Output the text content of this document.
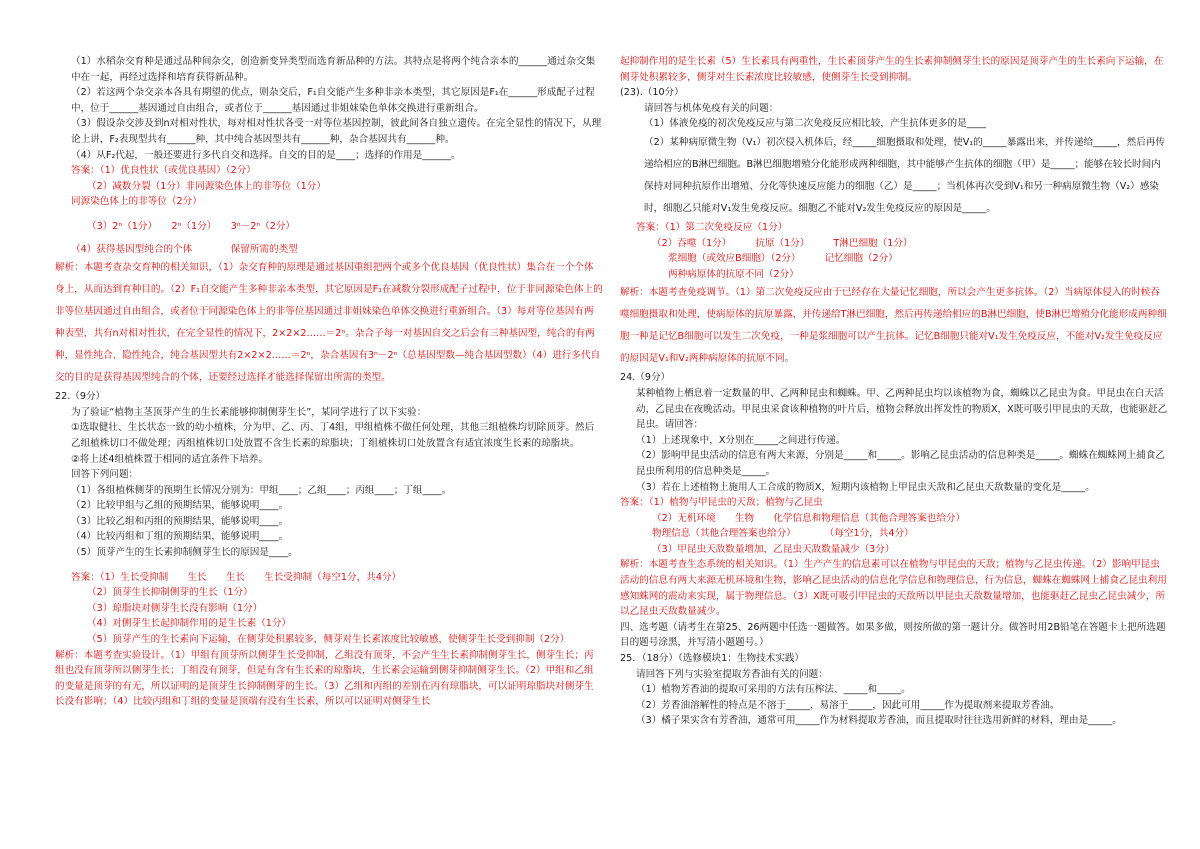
（1）水稻杂交育种是通过品种间杂交，创造新变异类型而选育新品种的方法。其特点是将两个纯合亲本的______通过杂交集中在一起，再经过选择和培育获得新品种。

（2）若这两个杂交亲本各具有期望的优点，则杂交后，F₁自交能产生多种非亲本类型，其它原因是F₁在______形成配子过程中，位于______基因通过自由组合，或者位于______基因通过非姐妹染色单体交换进行重新组合。

（3）假设杂交涉及到n对相对性状，每对相对性状各受一对等位基因控制，彼此间各自独立遗传。在完全显性的情况下，从理论上讲，F₂表现型共有______种，其中纯合基因型共有______种，杂合基因共有______种。

（4）从F₂代起，一般还要进行多代自交和选择。自交的目的是____；选择的作用是______。

答案：（1）优良性状（或优良基因）（2分）

（2）减数分裂（1分）非同源染色体上的非等位（1分）

同源染色体上的非等位（2分）

（3）2ⁿ（1分）　　2ⁿ（1分）　　3ⁿ－2ⁿ（2分）

（4）获得基因型纯合的个体　　　　保留所需的类型

解析：本题考查杂交育种的相关知识，（1）杂交育种的原理是通过基因重组把两个或多个优良基因（优良性状）集合在一个个体身上，从而达到育种目的。（2）F₁自交能产生多种非亲本类型，其它原因是F₁在减数分裂形成配子过程中，位于非同源染色体上的非等位基因通过自由组合，或者位于同源染色体上的非等位基因通过非姐妹染色单体交换进行重新组合。（3）每对等位基因有两种表型，共有n对相对性状，在完全显性的情况下，2×2×2……＝2ⁿ。杂合子每一对基因自交之后会有三种基因型，纯合的有两种，显性纯合、隐性纯合，纯合基因型共有2×2×2……＝2ⁿ，杂合基因有3ⁿ－2ⁿ（总基因型数—纯合基因型数）（4）进行多代自交的目的是获得基因型纯合的个体，还要经过选择才能选择保留出所需的类型。

22.（9分）

为了验证“植物主茎顶芽产生的生长素能够抑制侧芽生长”，某同学进行了以下实验：

①选取健壮、生长状态一致的幼小植株，分为甲、乙、丙、丁4组，甲组植株不做任何处理，其他三组植株均切除顶芽。然后乙组植株切口不做处理；丙组植株切口处放置不含生长素的琼脂块；丁组植株切口处放置含有适宜浓度生长素的琼脂块。

②将上述4组植株置于相同的适宜条件下培养。

回答下列问题：

（1）各组植株侧芽的预期生长情况分别为：甲组____；乙组____；丙组____；丁组____。

（2）比较甲组与乙组的预期结果，能够说明____。

（3）比较乙组和丙组的预期结果，能够说明____。

（4）比较丙组和丁组的预期结果，能够说明____。

（5）顶芽产生的生长素抑制侧芽生长的原因是____。

答案：（1）生长受抑制　　生长　　生长　　生长受抑制（每空1分，共4分）

（2）顶芽生长抑制侧芽的生长（1分）

（3）琼脂块对侧芽生长没有影响（1分）

（4）对侧芽生长起抑制作用的是生长素（1分）

（5）顶芽产生的生长素向下运输，在侧芽处积累较多，侧芽对生长素浓度比较敏感，使侧芽生长受到抑制（2分）

解析：本题考查实验设计。（1）甲组有顶芽所以侧芽生长受抑制，乙组没有顶芽，不会产生生长素抑制侧芽生长，侧芽生长；丙组也没有顶芽所以侧芽生长；丁组没有顶芽，但是有含有生长素的琼脂块，生长素会运输到侧芽抑制侧芽生长。（2）甲组和乙组的变量是顶芽的有无，所以证明的是顶芽生长抑制侧芽的生长。（3）乙组和丙组的差别在丙有琼脂块，可以证明琼脂块对侧芽生长没有影响；（4）比较丙组和丁组的变量是顶端有没有生长素，所以可以证明对侧芽生长

起抑制作用的是生长素（5）生长素具有两重性，生长素顶芽产生的生长素抑制侧芽生长的原因是顶芽产生的生长素向下运输，在侧芽处积累较多，侧芽对生长素浓度比较敏感，使侧芽生长受到抑制。

(23).（10分）

请回答与机体免疫有关的问题：

（1）体液免疫的初次免疫反应与第二次免疫反应相比较，产生抗体更多的是____

（2）某种病原微生物（V₁）初次侵入机体后，经_____细胞摄取和处理，使V₁的_____暴露出来，并传递给_____，然后再传递给相应的B淋巴细胞。B淋巴细胞增殖分化能形成两种细胞，其中能够产生抗体的细胞（甲）是_____；能够在较长时间内保持对同种抗原作出增殖、分化等快速反应能力的细胞（乙）是_____；当机体再次受到V₁和另一种病原微生物（V₂）感染时，细胞乙只能对V₁发生免疫反应。细胞乙不能对V₂发生免疫反应的原因是_____。

答案：（1）第二次免疫反应（1分）

（2）吞噬（1分）　　　抗原（1分）　　　T淋巴细胞（1分）

浆细胞（或效应B细胞）（2分）　　　记忆细胞（2分）

两种病原体的抗原不同（2分）

解析：本题考查免疫调节。（1）第二次免疫反应由于已经存在大量记忆细胞，所以会产生更多抗体。（2）当病原体侵入的时候吞噬细胞摄取和处理，使病原体的抗原暴露，并传递给T淋巴细胞，然后再传递给相应的B淋巴细胞，使B淋巴增殖分化能形成两种细胞一种是记忆B细胞可以发生二次免疫，一种是浆细胞可以产生抗体。记忆B细胞只能对V₁发生免疫反应，不能对V₂发生免疫反应的原因是V₁和V₂两种病原体的抗原不同。

24.（9分）

某种植物上栖息着一定数量的甲、乙两种昆虫和蜘蛛。甲、乙两种昆虫均以该植物为食，蜘蛛以乙昆虫为食。甲昆虫在白天活动，乙昆虫在夜晚活动。甲昆虫采食该种植物的叶片后，植物会释放出挥发性的物质X，X既可吸引甲昆虫的天敌，也能驱赶乙昆虫。请回答：

（1）上述现象中，X分别在_____之间进行传递。

（2）影响甲昆虫活动的信息有两大来源，分别是_____和_____。影响乙昆虫活动的信息种类是_____。蜘蛛在蜘蛛网上捕食乙昆虫所利用的信息种类是_____。

（3）若在上述植物上施用人工合成的物质X，短期内该植物上甲昆虫天敌和乙昆虫天敌数量的变化是_____。

答案：（1）植物与甲昆虫的天敌；植物与乙昆虫

（2）无机环境　　生物　　化学信息和物理信息（其他合理答案也给分）

物理信息（其他合理答案也给分）　　　　（每空1分，共4分）

（3）甲昆虫天敌数量增加，乙昆虫天敌数量减少（3分）

解析：本题考查生态系统的相关知识。（1）生产产生的信息素可以在植物与甲昆虫的天敌；植物与乙昆虫传递。（2）影响甲昆虫活动的信息有两大来源无机环境和生物，影响乙昆虫活动的信息化学信息和物理信息，行为信息，蜘蛛在蜘蛛网上捕食乙昆虫利用感知蛛网的震动来实现，属于物理信息。（3）X既可吸引甲昆虫的天敌所以甲昆虫天敌数量增加，也能驱赶乙昆虫乙昆虫减少，所以乙昆虫天敌数量减少。

四、选考题（请考生在第25、26两题中任选一题做答。如果多做，则按所做的第一题计分。做答时用2B铅笔在答题卡上把所选题目的题号涂黑，并写清小题题号。）

25．（18分）（选修模块1：生物技术实践）

请回答下列与实验室提取芳香油有关的问题：

（1）植物芳香油的提取可采用的方法有压榨法、_____和_____。

（2）芳香油溶解性的特点是不溶于_____，易溶于_____，因此可用_____作为提取剂来提取芳香油。

（3）橘子果实含有芳香油，通常可用_____作为材料提取芳香油，而且提取时往往选用新鲜的材料，理由是_____。
